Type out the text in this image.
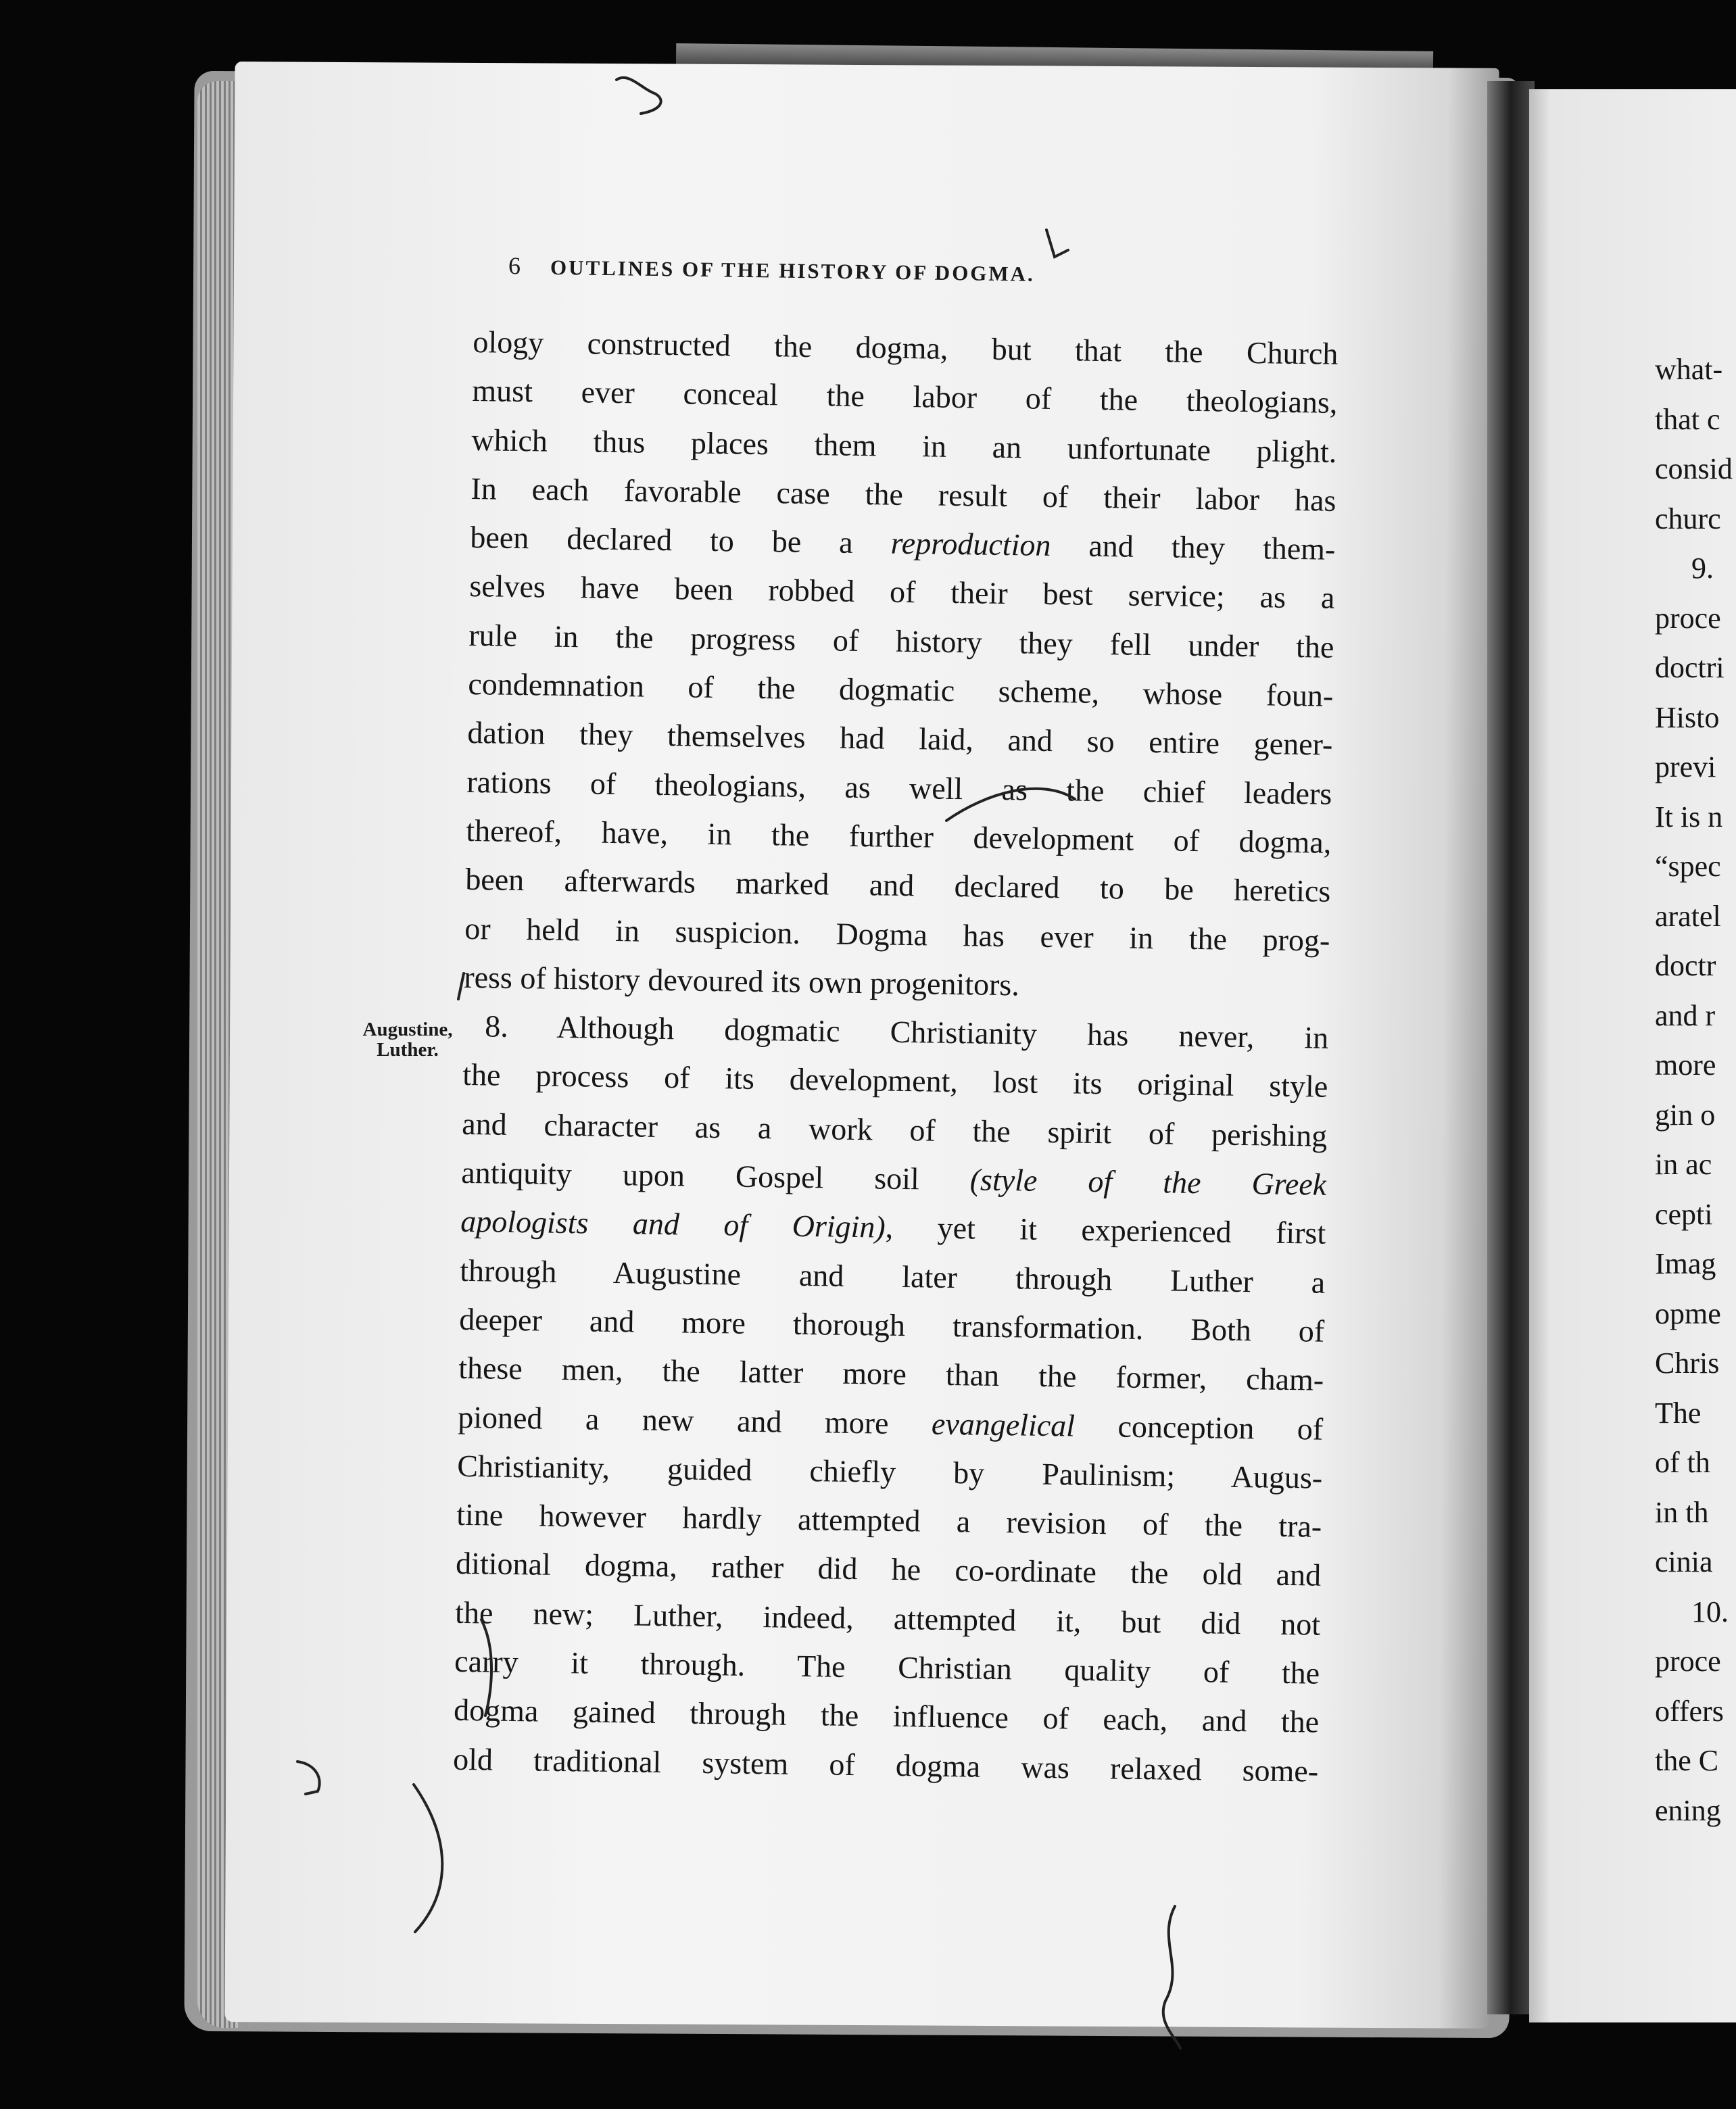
6 OUTLINES OF THE HISTORY OF DOGMA.
Augustine,
Luther.
ology constructed the dogma, but that the Church
must ever conceal the labor of the theologians,
which thus places them in an unfortunate plight.
In each favorable case the result of their labor has
been declared to be a reproduction and they them-
selves have been robbed of their best service; as a
rule in the progress of history they fell under the
condemnation of the dogmatic scheme, whose foun-
dation they themselves had laid, and so entire gener-
rations of theologians, as well as the chief leaders
thereof, have, in the further development of dogma,
been afterwards marked and declared to be heretics
or held in suspicion. Dogma has ever in the prog-
ress of history devoured its own progenitors.
8. Although dogmatic Christianity has never, in
the process of its development, lost its original style
and character as a work of the spirit of perishing
antiquity upon Gospel soil (style of the Greek
apologists and of Origin), yet it experienced first
through Augustine and later through Luther a
deeper and more thorough transformation. Both of
these men, the latter more than the former, cham-
pioned a new and more evangelical conception of
Christianity, guided chiefly by Paulinism; Augus-
tine however hardly attempted a revision of the tra-
ditional dogma, rather did he co-ordinate the old and
the new; Luther, indeed, attempted it, but did not
carry it through. The Christian quality of the
dogma gained through the influence of each, and the
old traditional system of dogma was relaxed some-
what-
that c
consid
churc
9.
proce
doctri
Histo
previ
It is n
“spec
aratel
doctr
and r
more
gin o
in ac
cepti
Imag
opme
Chris
The
of th
in th
cinia
10.
proce
offers
the C
ening
